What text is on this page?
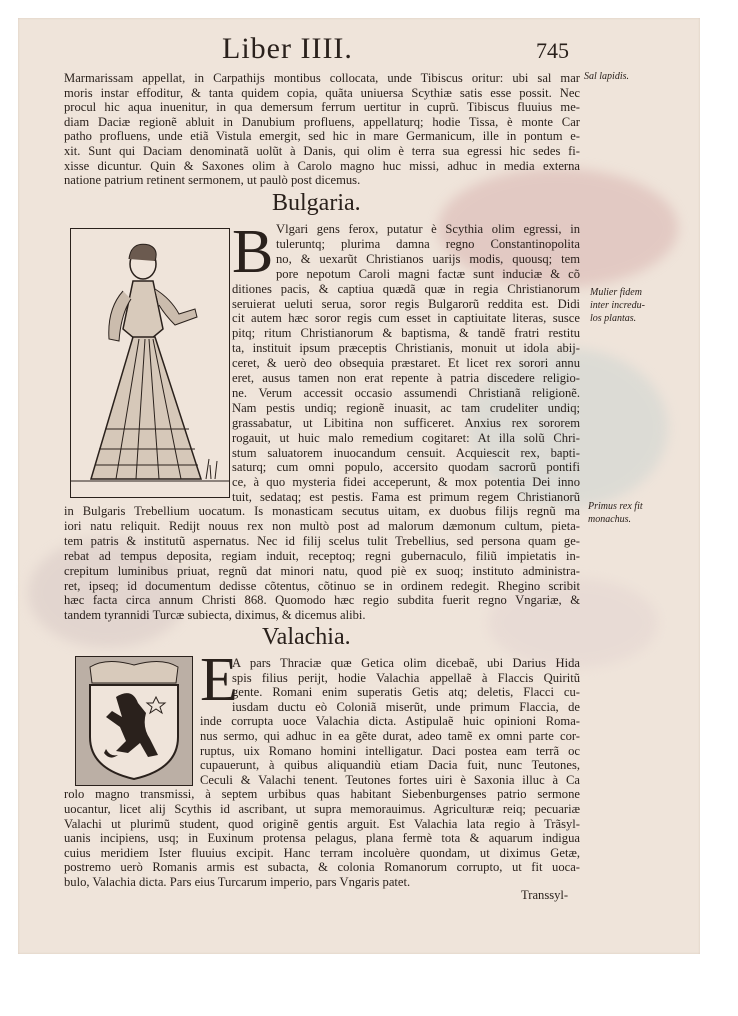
Liber IIII.	745
Marmarissam appellat, in Carpathijs montibus collocata, unde Tibiscus oritur: ubi sal mar
moris instar effoditur, & tanta quidem copia, quãta uniuersa Scythiæ satis esse possit. Nec
procul hic aqua inuenitur, in qua demersum ferrum uertitur in cuprũ. Tibiscus fluuius me-
diam Daciæ regionẽ abluit in Danubium profluens, appellaturq; hodie Tissa, è monte Car
patho profluens, unde etiã Vistula emergit, sed hic in mare Germanicum, ille in pontum e-
xit. Sunt qui Daciam denominatã uolũt à Danis, qui olim è terra sua egressi hic sedes fi-
xisse dicuntur. Quin & Saxones olim à Carolo magno huc missi, adhuc in media externa
natione patrium retinent sermonem, ut paulò post dicemus.
Sal lapidis.
Bulgaria.
B Vlgari gens ferox, putatur è Scythia olim egressi, in
tuleruntq; plurima damna regno Constantinopolita
no, & uexarũt Christianos uarijs modis, quousq; tem
pore nepotum Caroli magni factæ sunt induciæ & cõ
ditiones pacis, & captiua quædã quæ in regia Christianorum
seruierat ueluti serua, soror regis Bulgarorũ reddita est. Didi
cit autem hæc soror regis cum esset in captiuitate literas, susce
pitq; ritum Christianorum & baptisma, & tandẽ fratri restitu
ta, instituit ipsum præceptis Christianis, monuit ut idola abij-
ceret, & uerò deo obsequia præstaret. Et licet rex sorori annu
eret, ausus tamen non erat repente à patria discedere religio-
ne. Verum accessit occasio assumendi Christianã religionẽ.
Nam pestis undiq; regionẽ inuasit, ac tam crudeliter undiq;
grassabatur, ut Libitina non sufficeret. Anxius rex sororem
rogauit, ut huic malo remedium cogitaret: At illa solũ Chri-
stum saluatorem inuocandum censuit. Acquiescit rex, bapti-
saturq; cum omni populo, accersito quodam sacrorũ pontifi
ce, à quo mysteria fidei acceperunt, & mox potentia Dei inno
tuit, sedataq; est pestis. Fama est primum regem Christianorũ
in Bulgaris Trebellium uocatum. Is monasticam secutus uitam, ex duobus filijs regnũ ma
iori natu reliquit. Redijt nouus rex non multò post ad malorum dæmonum cultum, pieta-
tem patris & institutũ aspernatus. Nec id filij scelus tulit Trebellius, sed persona quam ge-
rebat ad tempus deposita, regiam induit, receptoq; regni gubernaculo, filiũ impietatis in-
crepitum luminibus priuat, regnũ dat minori natu, quod piè ex suoq; instituto administra-
ret, ipseq; id documentum dedisse cõtentus, cõtinuo se in ordinem redegit. Rhegino scribit
hæc facta circa annum Christi 868. Quomodo hæc regio subdita fuerit regno Vngariæ, &
tandem tyrannidi Turcæ subiecta, diximus, & dicemus alibi.
Mulier fidem
inter incredu-
los plantas.
Primus rex fit
monachus.
Valachia.
E
A pars Thraciæ quæ Getica olim dicebaẽ, ubi Darius Hida
spis filius perijt, hodie Valachia appellaẽ à Flaccis Quiritũ
gente. Romani enim superatis Getis atq; deletis, Flacci cu-
iusdam ductu eò Coloniã miserũt, unde primum Flaccia, de
inde corrupta uoce Valachia dicta. Astipulaẽ huic opinioni Roma-
nus sermo, qui adhuc in ea gẽte durat, adeo tamẽ ex omni parte cor-
ruptus, uix Romano homini intelligatur. Daci postea eam terrã oc
cupauerunt, à quibus aliquandiù etiam Dacia fuit, nunc Teutones,
Ceculi & Valachi tenent. Teutones fortes uiri è Saxonia illuc à Ca
rolo magno transmissi, à septem urbibus quas habitant Siebenburgenses patrio sermone
uocantur, licet alij Scythis id ascribant, ut supra memorauimus. Agriculturæ reiq; pecuariæ
Valachi ut plurimũ student, quod originẽ gentis arguit. Est Valachia lata regio à Trãsyl-
uanis incipiens, usq; in Euxinum protensa pelagus, plana fermè tota & aquarum indigua
cuius meridiem Ister fluuius excipit. Hanc terram incoluère quondam, ut diximus Getæ,
postremo uerò Romanis armis est subacta, & colonia Romanorum corrupto, ut fit uoca-
bulo, Valachia dicta. Pars eius Turcarum imperio, pars Vngaris patet.
Transsyl-
